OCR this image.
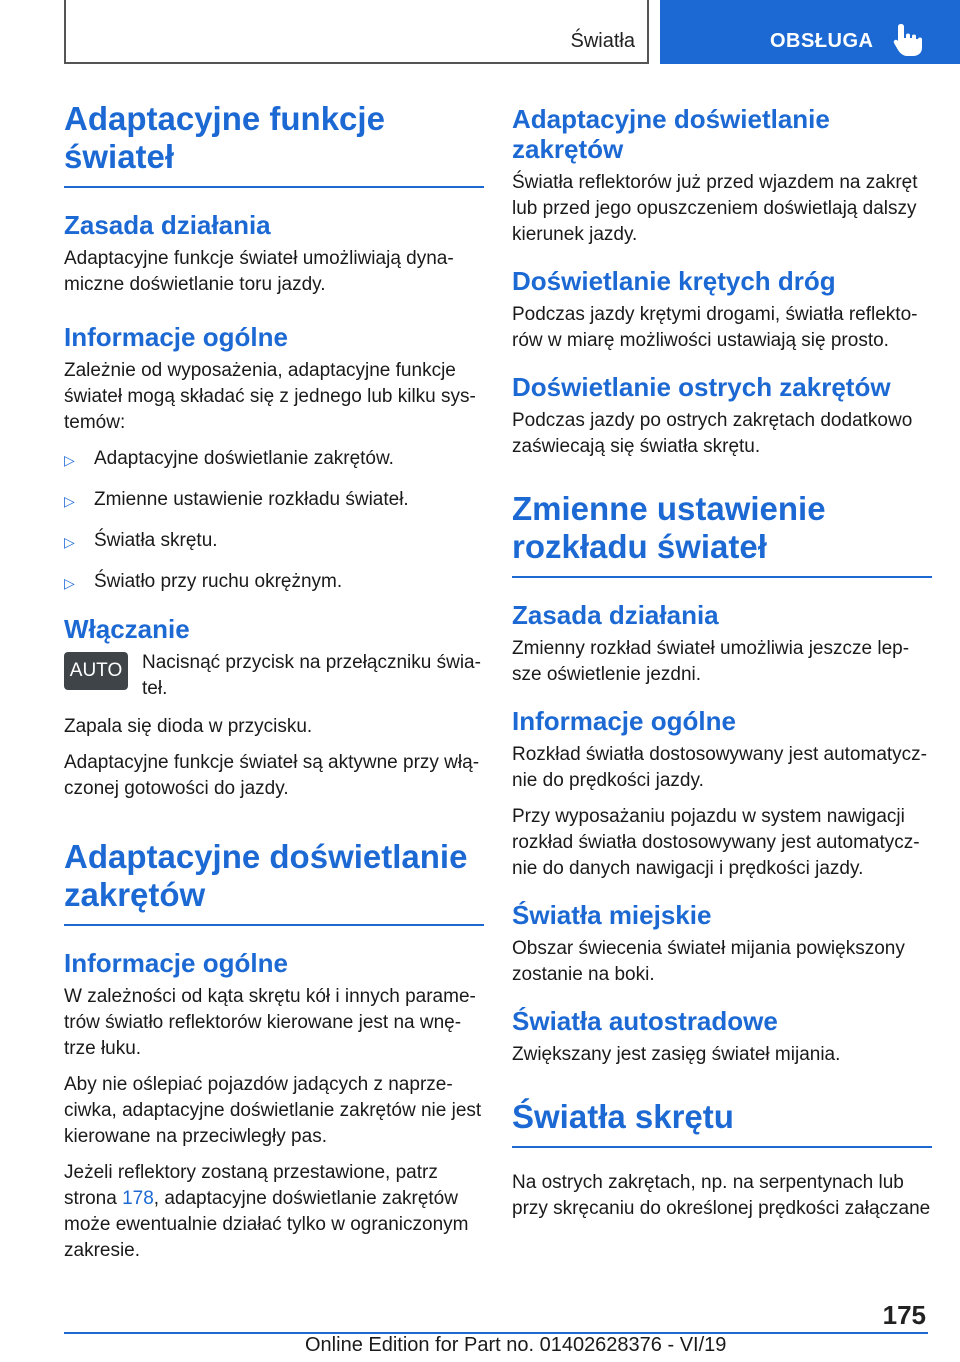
Światła	OBSŁUGA
Adaptacyjne funkcje świateł
Zasada działania

Adaptacyjne funkcje świateł umożliwiają dyna-miczne doświetlanie toru jazdy.

Informacje ogólne

Zależnie od wyposażenia, adaptacyjne funkcje świateł mogą składać się z jednego lub kilku sys-temów:

▷	Adaptacyjne doświetlanie zakrętów.
▷	Zmienne ustawienie rozkładu świateł.
▷	Światła skrętu.
▷	Światło przy ruchu okrężnym.
Włączanie
AUTO	Nacisnąć przycisk na przełączniku świa-teł.

Zapala się dioda w przycisku.

Adaptacyjne funkcje świateł są aktywne przy włą-czonej gotowości do jazdy.

Adaptacyjne doświetlanie zakrętów
Informacje ogólne

W zależności od kąta skrętu kół i innych parame-trów światło reflektorów kierowane jest na wnę-trze łuku.

Aby nie oślepiać pojazdów jadących z naprze-ciwka, adaptacyjne doświetlanie zakrętów nie jest kierowane na przeciwległy pas.

Jeżeli reflektory zostaną przestawione, patrz strona 178, adaptacyjne doświetlanie zakrętów może ewentualnie działać tylko w ograniczonym zakresie.

Adaptacyjne doświetlanie zakrętów

Światła reflektorów już przed wjazdem na zakręt lub przed jego opuszczeniem doświetlają dalszy kierunek jazdy.

Doświetlanie krętych dróg

Podczas jazdy krętymi drogami, światła reflekto-rów w miarę możliwości ustawiają się prosto.

Doświetlanie ostrych zakrętów

Podczas jazdy po ostrych zakrętach dodatkowo zaświecają się światła skrętu.

Zmienne ustawienie rozkładu świateł
Zasada działania

Zmienny rozkład świateł umożliwia jeszcze lep-sze oświetlenie jezdni.

Informacje ogólne

Rozkład światła dostosowywany jest automatycz-nie do prędkości jazdy.

Przy wyposażaniu pojazdu w system nawigacji rozkład światła dostosowywany jest automatycz-nie do danych nawigacji i prędkości jazdy.

Światła miejskie

Obszar świecenia świateł mijania powiększony zostanie na boki.

Światła autostradowe

Zwiększany jest zasięg świateł mijania.

Światła skrętu

Na ostrych zakrętach, np. na serpentynach lub przy skręcaniu do określonej prędkości załączane

175
Online Edition for Part no. 01402628376 - VI/19
